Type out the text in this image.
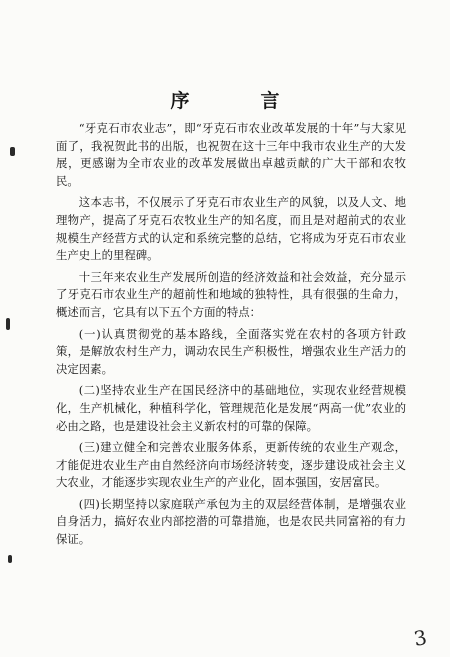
序　言

“牙克石市农业志”，即“牙克石市农业改革发展的十年”与大家见面了，我祝贺此书的出版，也祝贺在这十三年中我市农业生产的大发展，更感谢为全市农业的改革发展做出卓越贡献的广大干部和农牧民。

这本志书，不仅展示了牙克石市农业生产的风貌，以及人文、地理物产，提高了牙克石农牧业生产的知名度，而且是对超前式的农业规模生产经营方式的认定和系统完整的总结，它将成为牙克石市农业生产史上的里程碑。

十三年来农业生产发展所创造的经济效益和社会效益，充分显示了牙克石市农业生产的超前性和地域的独特性，具有很强的生命力，概述而言，它具有以下五个方面的特点：

(一)认真贯彻党的基本路线，全面落实党在农村的各项方针政策，是解放农村生产力，调动农民生产积极性，增强农业生产活力的决定因素。

(二)坚持农业生产在国民经济中的基础地位，实现农业经营规模化，生产机械化，种植科学化，管理规范化是发展“两高一优”农业的必由之路，也是建设社会主义新农村的可靠的保障。

(三)建立健全和完善农业服务体系，更新传统的农业生产观念，才能促进农业生产由自然经济向市场经济转变，逐步建设成社会主义大农业，才能逐步实现农业生产的产业化，固本强国，安居富民。

(四)长期坚持以家庭联产承包为主的双层经营体制，是增强农业自身活力，搞好农业内部挖潜的可靠措施，也是农民共同富裕的有力保证。

3
